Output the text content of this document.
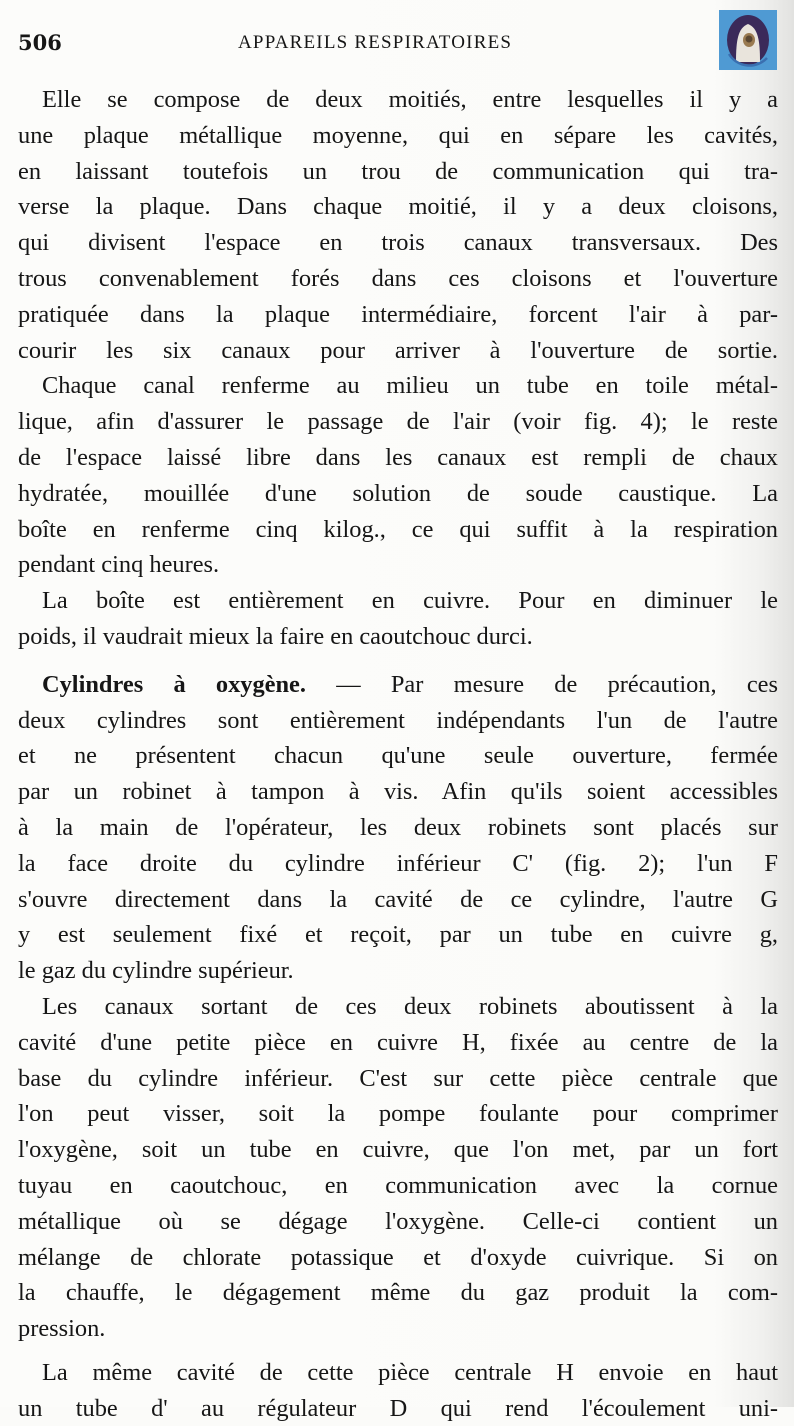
506	APPAREILS RESPIRATOIRES
Elle se compose de deux moitiés, entre lesquelles il y a
une plaque métallique moyenne, qui en sépare les cavités,
en laissant toutefois un trou de communication qui tra-
verse la plaque. Dans chaque moitié, il y a deux cloisons,
qui divisent l'espace en trois canaux transversaux. Des
trous convenablement forés dans ces cloisons et l'ouverture
pratiquée dans la plaque intermédiaire, forcent l'air à par-
courir les six canaux pour arriver à l'ouverture de sortie.
Chaque canal renferme au milieu un tube en toile métal-
lique, afin d'assurer le passage de l'air (voir fig. 4); le reste
de l'espace laissé libre dans les canaux est rempli de chaux
hydratée, mouillée d'une solution de soude caustique. La
boîte en renferme cinq kilog., ce qui suffit à la respiration
pendant cinq heures.
La boîte est entièrement en cuivre. Pour en diminuer le
poids, il vaudrait mieux la faire en caoutchouc durci.
Cylindres à oxygène. — Par mesure de précaution, ces
deux cylindres sont entièrement indépendants l'un de l'autre
et ne présentent chacun qu'une seule ouverture, fermée
par un robinet à tampon à vis. Afin qu'ils soient accessibles
à la main de l'opérateur, les deux robinets sont placés sur
la face droite du cylindre inférieur C' (fig. 2); l'un F
s'ouvre directement dans la cavité de ce cylindre, l'autre G
y est seulement fixé et reçoit, par un tube en cuivre g,
le gaz du cylindre supérieur.
Les canaux sortant de ces deux robinets aboutissent à la
cavité d'une petite pièce en cuivre H, fixée au centre de la
base du cylindre inférieur. C'est sur cette pièce centrale que
l'on peut visser, soit la pompe foulante pour comprimer
l'oxygène, soit un tube en cuivre, que l'on met, par un fort
tuyau en caoutchouc, en communication avec la cornue
métallique où se dégage l'oxygène. Celle-ci contient un
mélange de chlorate potassique et d'oxyde cuivrique. Si on
la chauffe, le dégagement même du gaz produit la com-
pression.
La même cavité de cette pièce centrale H envoie en haut
un tube d' au régulateur D qui rend l'écoulement uni-
